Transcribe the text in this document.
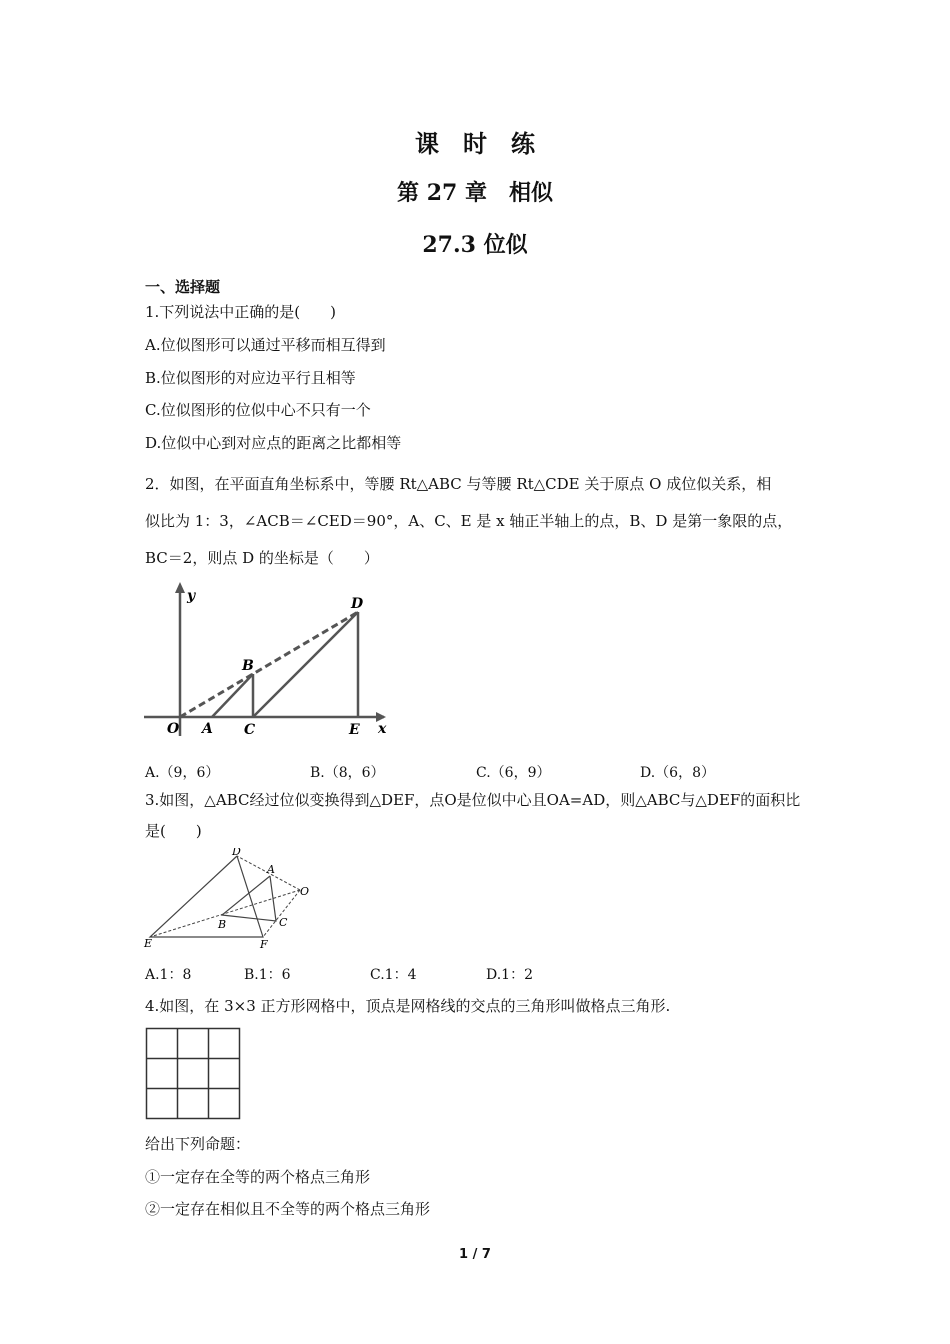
课　时　练
第 27 章　相似
27.3 位似
一、选择题
1.下列说法中正确的是(　　)
A.位似图形可以通过平移而相互得到
B.位似图形的对应边平行且相等
C.位似图形的位似中心不只有一个
D.位似中心到对应点的距离之比都相等
2．如图，在平面直角坐标系中，等腰 Rt△ABC 与等腰 Rt△CDE 关于原点 O 成位似关系，相
似比为 1：3，∠ACB＝∠CED＝90°，A、C、E 是 x 轴正半轴上的点，B、D 是第一象限的点，
BC＝2，则点 D 的坐标是（　　）
y
x
O A
B
C
D
E
A.（9，6）	B.（8，6）	C.（6，9）	D.（6，8）
3.如图，△ABC经过位似变换得到△DEF，点O是位似中心且OA=AD，则△ABC与△DEF的面积比
是(　　)
D
A
O
B	C
E	F
A.1：8	B.1：6	C.1：4	D.1：2
4.如图，在 3×3 正方形网格中，顶点是网格线的交点的三角形叫做格点三角形.
给出下列命题：
①一定存在全等的两个格点三角形
②一定存在相似且不全等的两个格点三角形
1 / 7
